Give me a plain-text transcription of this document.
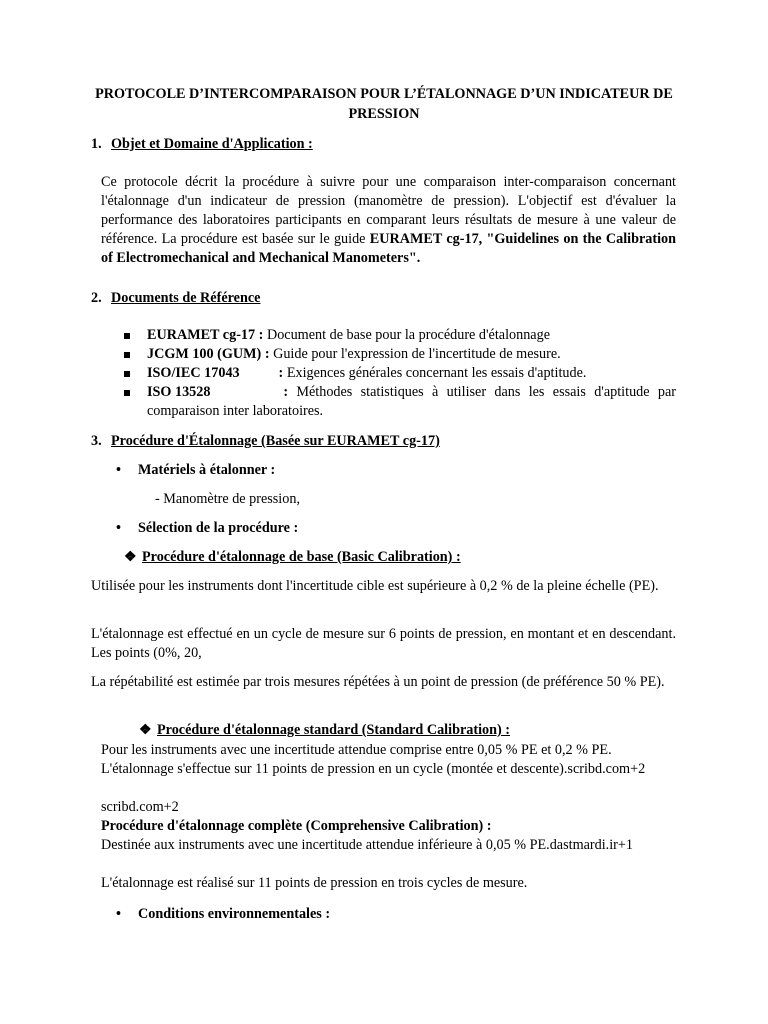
PROTOCOLE D’INTERCOMPARAISON POUR L’ÉTALONNAGE D’UN INDICATEUR DE PRESSION
1. Objet et Domaine d'Application :
Ce protocole décrit la procédure à suivre pour une comparaison inter-comparaison concernant l'étalonnage d'un indicateur de pression (manomètre de pression). L'objectif est d'évaluer la performance des laboratoires participants en comparant leurs résultats de mesure à une valeur de référence. La procédure est basée sur le guide EURAMET cg-17, "Guidelines on the Calibration of Electromechanical and Mechanical Manometers".
2. Documents de Référence
EURAMET cg-17 : Document de base pour la procédure d'étalonnage
JCGM 100 (GUM) : Guide pour l'expression de l'incertitude de mesure.
ISO/IEC 17043 : Exigences générales concernant les essais d'aptitude.
ISO 13528	: Méthodes statistiques à utiliser dans les essais d'aptitude par comparaison inter laboratoires.
3. Procédure d'Étalonnage (Basée sur EURAMET cg-17)
• Matériels à étalonner :
- Manomètre de pression,
• Sélection de la procédure :
❖ Procédure d'étalonnage de base (Basic Calibration) :
Utilisée pour les instruments dont l'incertitude cible est supérieure à 0,2 % de la pleine échelle (PE).
L'étalonnage est effectué en un cycle de mesure sur 6 points de pression, en montant et en descendant. Les points (0%, 20,
La répétabilité est estimée par trois mesures répétées à un point de pression (de préférence 50 % PE).
❖ Procédure d'étalonnage standard (Standard Calibration) :
Pour les instruments avec une incertitude attendue comprise entre 0,05 % PE et 0,2 % PE.
L'étalonnage s'effectue sur 11 points de pression en un cycle (montée et descente).scribd.com+2
scribd.com+2
Procédure d'étalonnage complète (Comprehensive Calibration) :
Destinée aux instruments avec une incertitude attendue inférieure à 0,05 % PE.dastmardi.ir+1
L'étalonnage est réalisé sur 11 points de pression en trois cycles de mesure.
• Conditions environnementales :
